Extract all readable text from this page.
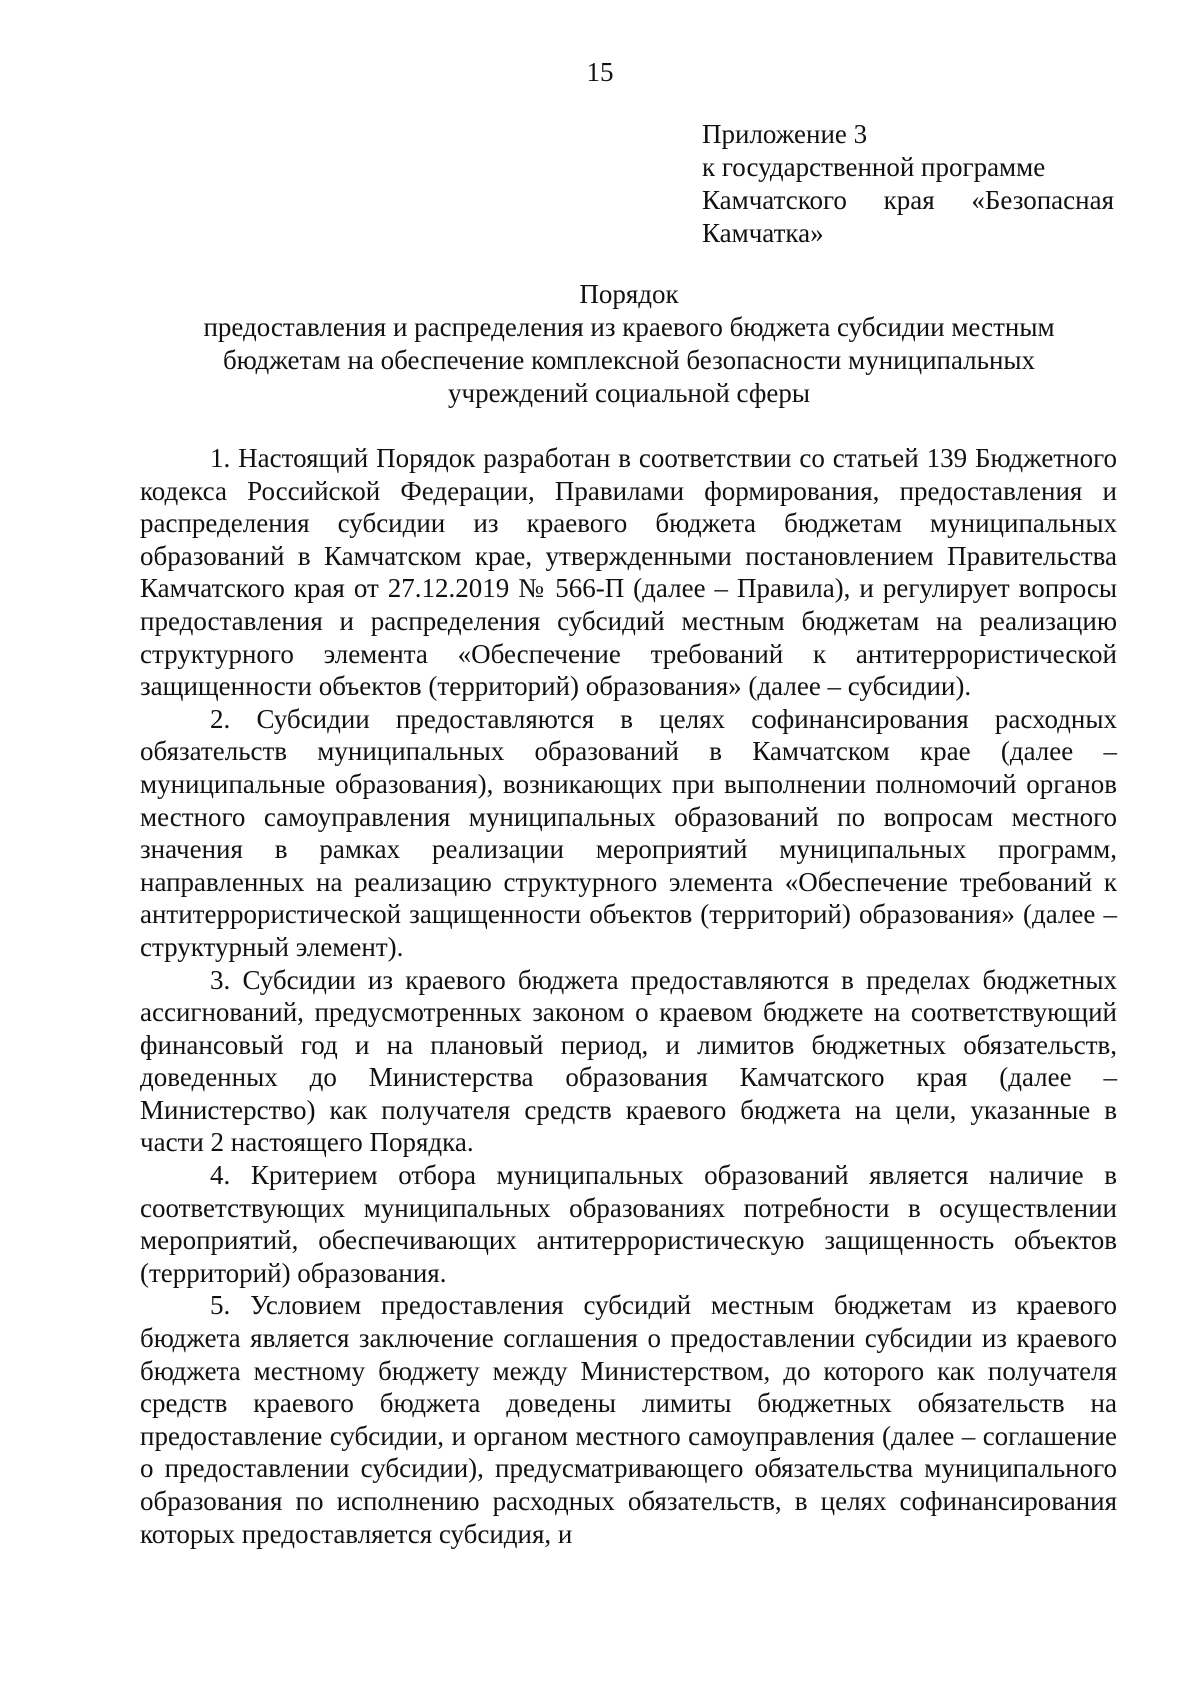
15
Приложение 3
к государственной программе
Камчатского края «Безопасная
Камчатка»
Порядок
предоставления и распределения из краевого бюджета субсидии местным
бюджетам на обеспечение комплексной безопасности муниципальных
учреждений социальной сферы

1. Настоящий Порядок разработан в соответствии со статьей 139 Бюджетного кодекса Российской Федерации, Правилами формирования, предоставления и распределения субсидии из краевого бюджета бюджетам муниципальных образований в Камчатском крае, утвержденными постановлением Правительства Камчатского края от 27.12.2019 № 566-П (далее – Правила), и регулирует вопросы предоставления и распределения субсидий местным бюджетам на реализацию структурного элемента «Обеспечение требований к антитеррористической защищенности объектов (территорий) образования» (далее – субсидии).

2. Субсидии предоставляются в целях софинансирования расходных обязательств муниципальных образований в Камчатском крае (далее – муниципальные образования), возникающих при выполнении полномочий органов местного самоуправления муниципальных образований по вопросам местного значения в рамках реализации мероприятий муниципальных программ, направленных на реализацию структурного элемента «Обеспечение требований к антитеррористической защищенности объектов (территорий) образования» (далее – структурный элемент).

3. Субсидии из краевого бюджета предоставляются в пределах бюджетных ассигнований, предусмотренных законом о краевом бюджете на соответствующий финансовый год и на плановый период, и лимитов бюджетных обязательств, доведенных до Министерства образования Камчатского края (далее – Министерство) как получателя средств краевого бюджета на цели, указанные в части 2 настоящего Порядка.

4. Критерием отбора муниципальных образований является наличие в соответствующих муниципальных образованиях потребности в осуществлении мероприятий, обеспечивающих антитеррористическую защищенность объектов (территорий) образования.

5. Условием предоставления субсидий местным бюджетам из краевого бюджета является заключение соглашения о предоставлении субсидии из краевого бюджета местному бюджету между Министерством, до которого как получателя средств краевого бюджета доведены лимиты бюджетных обязательств на предоставление субсидии, и органом местного самоуправления (далее – соглашение о предоставлении субсидии), предусматривающего обязательства муниципального образования по исполнению расходных обязательств, в целях софинансирования которых предоставляется субсидия, и
